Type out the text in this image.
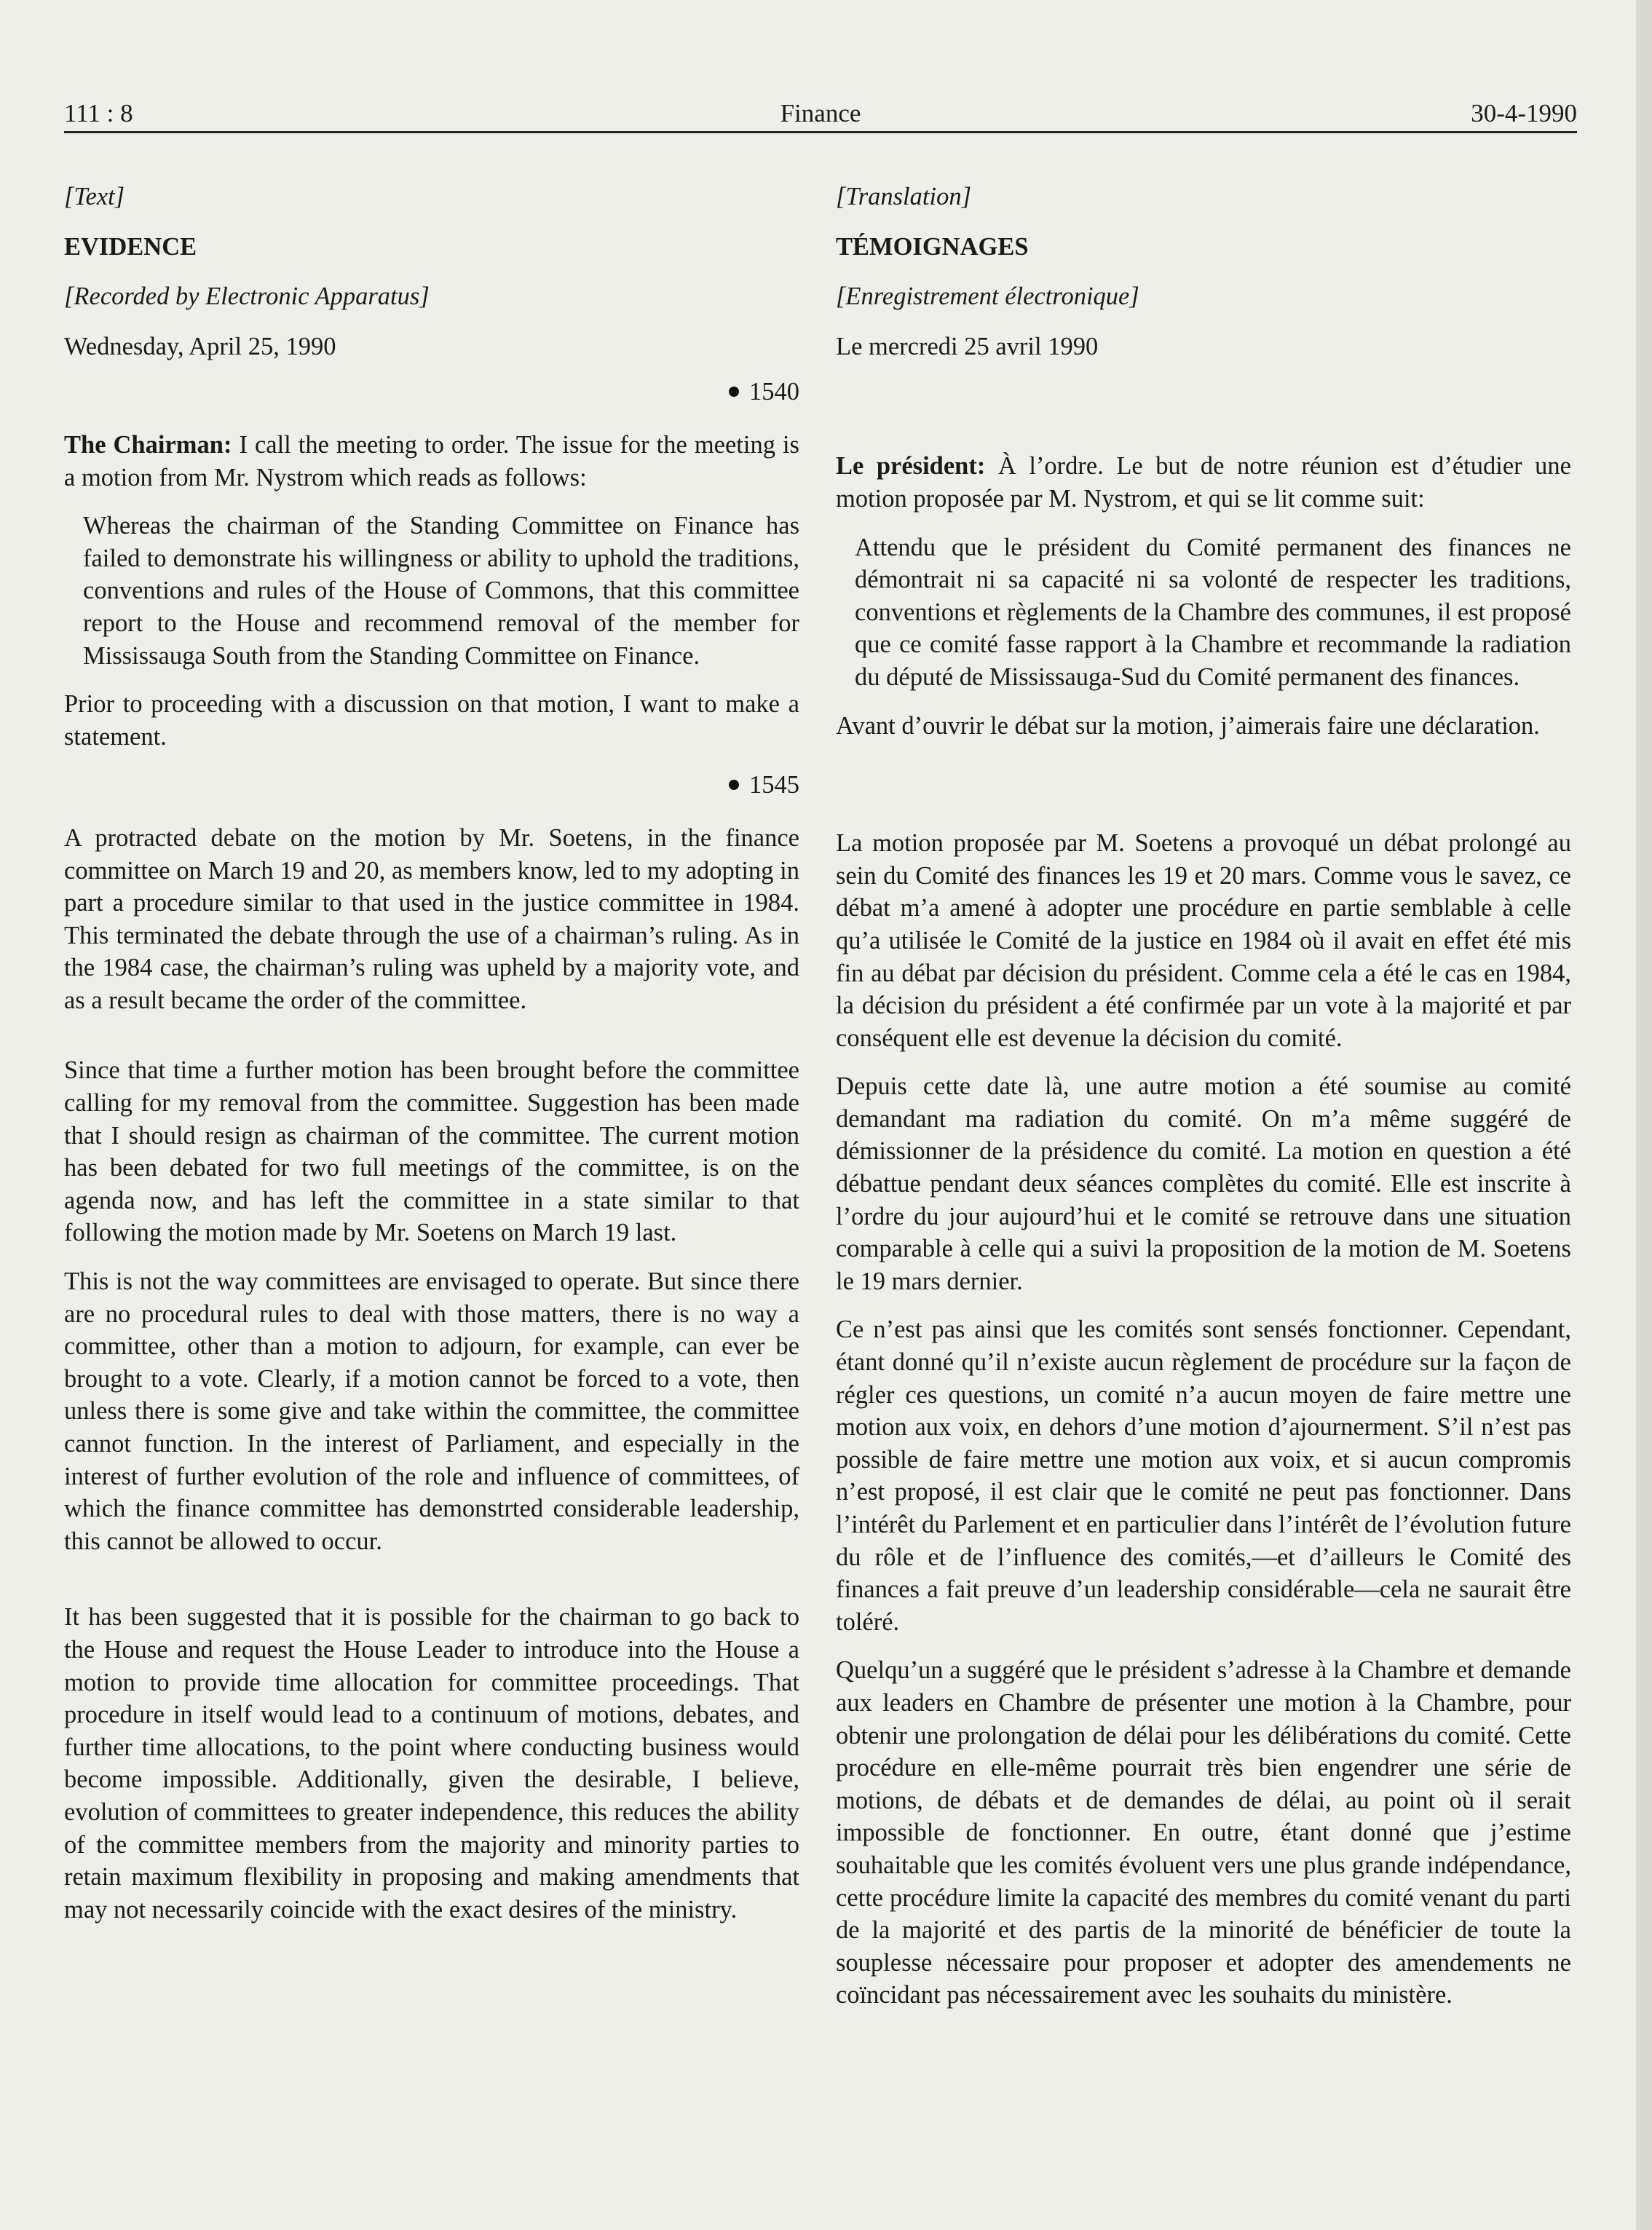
111 : 8	Finance	30-4-1990

[Text]

EVIDENCE

[Recorded by Electronic Apparatus]

Wednesday, April 25, 1990

1540

The Chairman: I call the meeting to order. The issue for the meeting is a motion from Mr. Nystrom which reads as follows:

Whereas the chairman of the Standing Committee on Finance has failed to demonstrate his willingness or ability to uphold the traditions, conventions and rules of the House of Commons, that this committee report to the House and recommend removal of the member for Mississauga South from the Standing Committee on Finance.

Prior to proceeding with a discussion on that motion, I want to make a statement.

1545

A protracted debate on the motion by Mr. Soetens, in the finance committee on March 19 and 20, as members know, led to my adopting in part a procedure similar to that used in the justice committee in 1984. This terminated the debate through the use of a chairman’s ruling. As in the 1984 case, the chairman’s ruling was upheld by a majority vote, and as a result became the order of the committee.

Since that time a further motion has been brought before the committee calling for my removal from the committee. Suggestion has been made that I should resign as chairman of the committee. The current motion has been debated for two full meetings of the committee, is on the agenda now, and has left the committee in a state similar to that following the motion made by Mr. Soetens on March 19 last.

This is not the way committees are envisaged to operate. But since there are no procedural rules to deal with those matters, there is no way a committee, other than a motion to adjourn, for example, can ever be brought to a vote. Clearly, if a motion cannot be forced to a vote, then unless there is some give and take within the committee, the committee cannot function. In the interest of Parliament, and especially in the interest of further evolution of the role and influence of committees, of which the finance committee has demonstrted considerable leadership, this cannot be allowed to occur.

It has been suggested that it is possible for the chairman to go back to the House and request the House Leader to introduce into the House a motion to provide time allocation for committee proceedings. That procedure in itself would lead to a continuum of motions, debates, and further time allocations, to the point where conducting business would become impossible. Additionally, given the desirable, I believe, evolution of committees to greater independence, this reduces the ability of the committee members from the majority and minority parties to retain maximum flexibility in proposing and making amendments that may not necessarily coincide with the exact desires of the ministry.

[Translation]

TÉMOIGNAGES

[Enregistrement électronique]

Le mercredi 25 avril 1990

Le président: À l’ordre. Le but de notre réunion est d’étudier une motion proposée par M. Nystrom, et qui se lit comme suit:

Attendu que le président du Comité permanent des finances ne démontrait ni sa capacité ni sa volonté de respecter les traditions, conventions et règlements de la Chambre des communes, il est proposé que ce comité fasse rapport à la Chambre et recommande la radiation du député de Mississauga-Sud du Comité permanent des finances.

Avant d’ouvrir le débat sur la motion, j’aimerais faire une déclaration.

La motion proposée par M. Soetens a provoqué un débat prolongé au sein du Comité des finances les 19 et 20 mars. Comme vous le savez, ce débat m’a amené à adopter une procédure en partie semblable à celle qu’a utilisée le Comité de la justice en 1984 où il avait en effet été mis fin au débat par décision du président. Comme cela a été le cas en 1984, la décision du président a été confirmée par un vote à la majorité et par conséquent elle est devenue la décision du comité.

Depuis cette date là, une autre motion a été soumise au comité demandant ma radiation du comité. On m’a même suggéré de démissionner de la présidence du comité. La motion en question a été débattue pendant deux séances complètes du comité. Elle est inscrite à l’ordre du jour aujourd’hui et le comité se retrouve dans une situation comparable à celle qui a suivi la proposition de la motion de M. Soetens le 19 mars dernier.

Ce n’est pas ainsi que les comités sont sensés fonctionner. Cependant, étant donné qu’il n’existe aucun règlement de procédure sur la façon de régler ces questions, un comité n’a aucun moyen de faire mettre une motion aux voix, en dehors d’une motion d’ajournerment. S’il n’est pas possible de faire mettre une motion aux voix, et si aucun compromis n’est proposé, il est clair que le comité ne peut pas fonctionner. Dans l’intérêt du Parlement et en particulier dans l’intérêt de l’évolution future du rôle et de l’influence des comités,—et d’ailleurs le Comité des finances a fait preuve d’un leadership considérable—cela ne saurait être toléré.

Quelqu’un a suggéré que le président s’adresse à la Chambre et demande aux leaders en Chambre de présenter une motion à la Chambre, pour obtenir une prolongation de délai pour les délibérations du comité. Cette procédure en elle-même pourrait très bien engendrer une série de motions, de débats et de demandes de délai, au point où il serait impossible de fonctionner. En outre, étant donné que j’estime souhaitable que les comités évoluent vers une plus grande indépendance, cette procédure limite la capacité des membres du comité venant du parti de la majorité et des partis de la minorité de bénéficier de toute la souplesse nécessaire pour proposer et adopter des amendements ne coïncidant pas nécessairement avec les souhaits du ministère.
